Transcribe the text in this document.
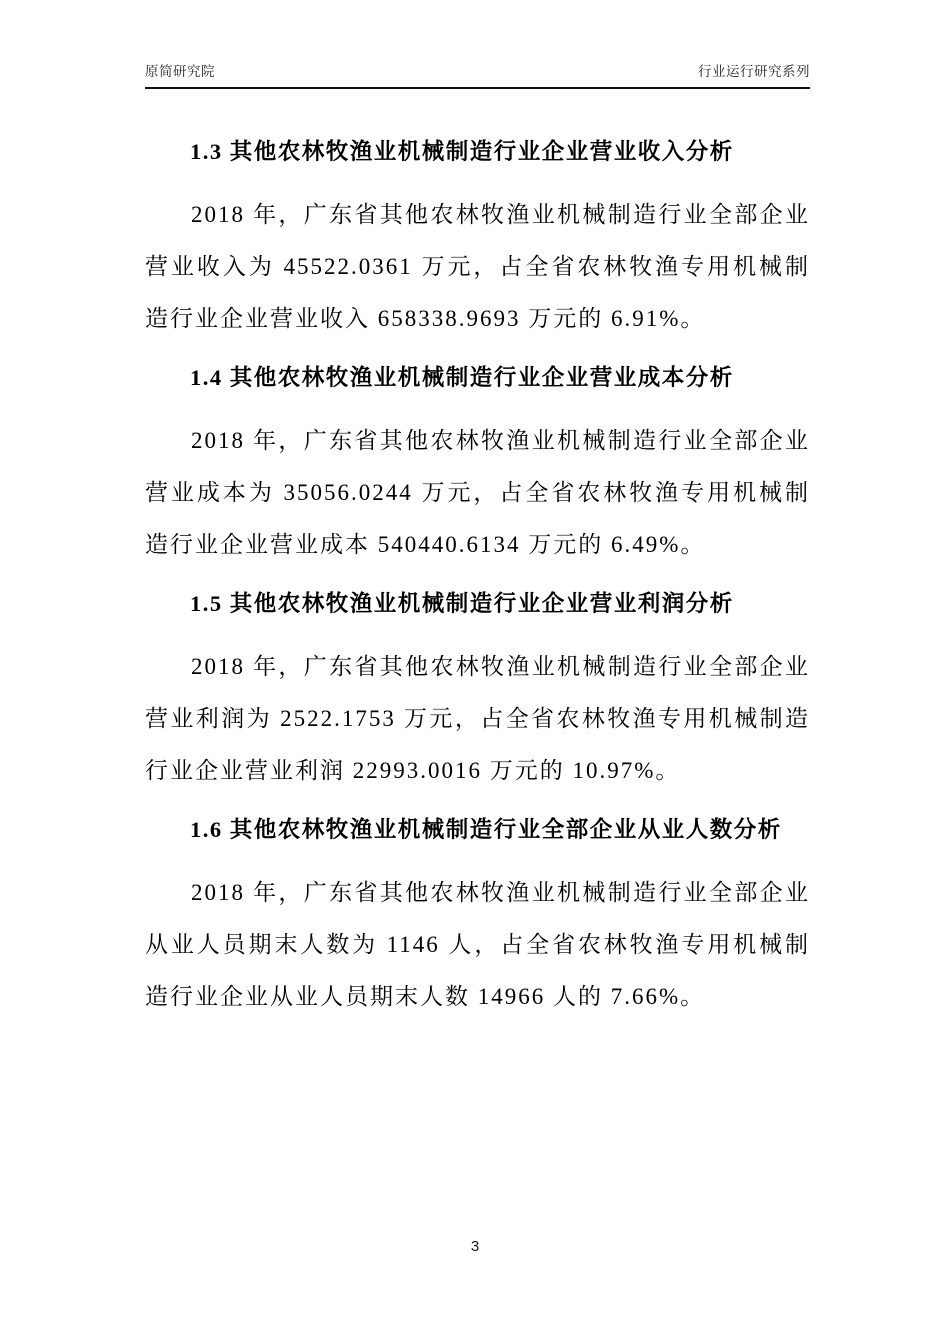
原简研究院	行业运行研究系列
1.3 其他农林牧渔业机械制造行业企业营业收入分析

2018 年，广东省其他农林牧渔业机械制造行业全部企业营业收入为 45522.0361 万元，占全省农林牧渔专用机械制造行业企业营业收入 658338.9693 万元的 6.91%。

1.4 其他农林牧渔业机械制造行业企业营业成本分析

2018 年，广东省其他农林牧渔业机械制造行业全部企业营业成本为 35056.0244 万元，占全省农林牧渔专用机械制造行业企业营业成本 540440.6134 万元的 6.49%。

1.5 其他农林牧渔业机械制造行业企业营业利润分析

2018 年，广东省其他农林牧渔业机械制造行业全部企业营业利润为 2522.1753 万元，占全省农林牧渔专用机械制造行业企业营业利润 22993.0016 万元的 10.97%。

1.6 其他农林牧渔业机械制造行业全部企业从业人数分析

2018 年，广东省其他农林牧渔业机械制造行业全部企业从业人员期末人数为 1146 人，占全省农林牧渔专用机械制造行业企业从业人员期末人数 14966 人的 7.66%。

3
